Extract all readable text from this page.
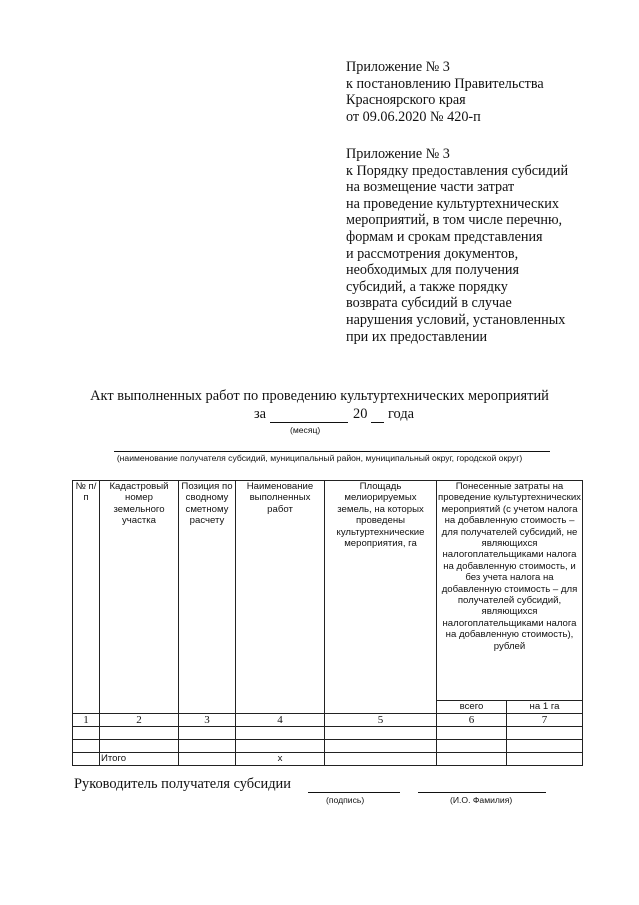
Приложение № 3
к постановлению Правительства
Красноярского края
от 09.06.2020 № 420-п
Приложение № 3
к Порядку предоставления субсидий
на возмещение части затрат
на проведение культуртехнических
мероприятий, в том числе перечню,
формам и срокам представления
и рассмотрения документов,
необходимых для получения
субсидий, а также порядку
возврата субсидий в случае
нарушения условий, установленных
при их предоставлении
Акт выполненных работ по проведению культуртехнических мероприятий
за	20 года
(месяц)
(наименование получателя субсидий, муниципальный район, муниципальный округ, городской округ)
№ п/п	Кадастровый номер земельного участка	Позиция по сводному сметному расчету	Наименование выполненных работ	Площадь мелиорируемых земель, на которых проведены культуртехнические мероприятия, га	Понесенные затраты на проведение культуртехнических мероприятий (с учетом налога на добавленную стоимость – для получателей субсидий, не являющихся налогоплательщиками налога на добавленную стоимость, и без учета налога на добавленную стоимость – для получателей субсидий, являющихся налогоплательщиками налога на добавленную стоимость), рублей	
					всего	на 1 га
1	2	3	4	5	6	7

	Итого		х			
Руководитель получателя субсидии
(подпись)	(И.О. Фамилия)
